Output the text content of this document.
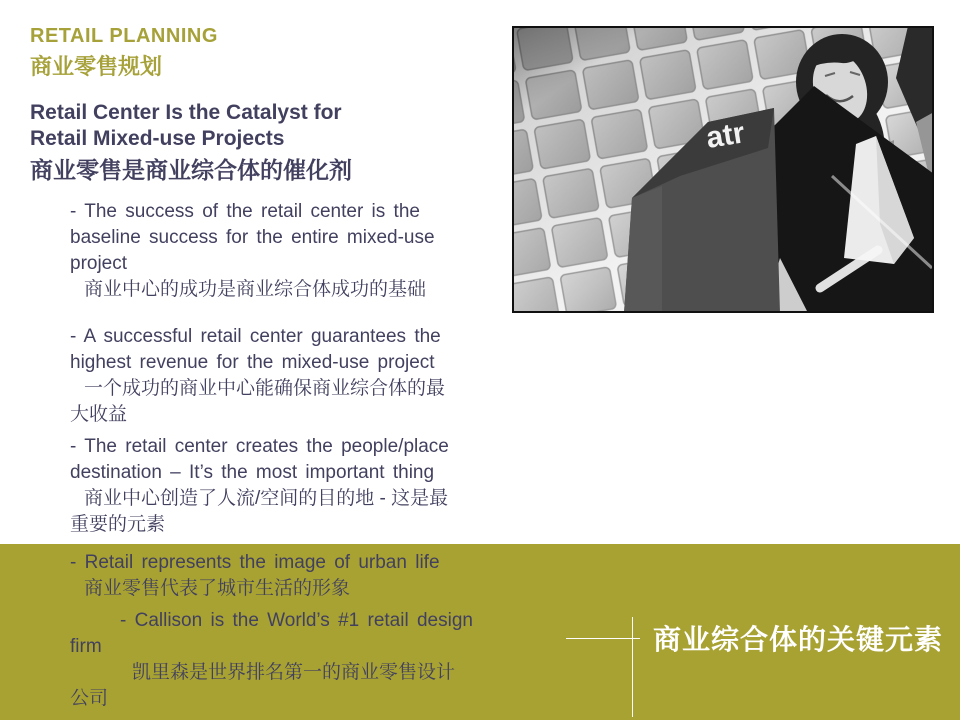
RETAIL PLANNING
商业零售规划
Retail Center Is the Catalyst for
Retail Mixed-use Projects
商业零售是商业综合体的催化剂
- The success of the retail center is the
baseline success for the entire mixed-use
project
商业中心的成功是商业综合体成功的基础
- A successful retail center guarantees the
highest revenue for the mixed-use project
一个成功的商业中心能确保商业综合体的最
大收益
- The retail center creates the people/place
destination – It’s the most important thing
商业中心创造了人流/空间的目的地 - 这是最
重要的元素
- Retail represents the image of urban life
商业零售代表了城市生活的形象
- Callison is the World’s #1 retail design
firm
凯里森是世界排名第一的商业零售设计
公司
商业综合体的关键元素
atr
